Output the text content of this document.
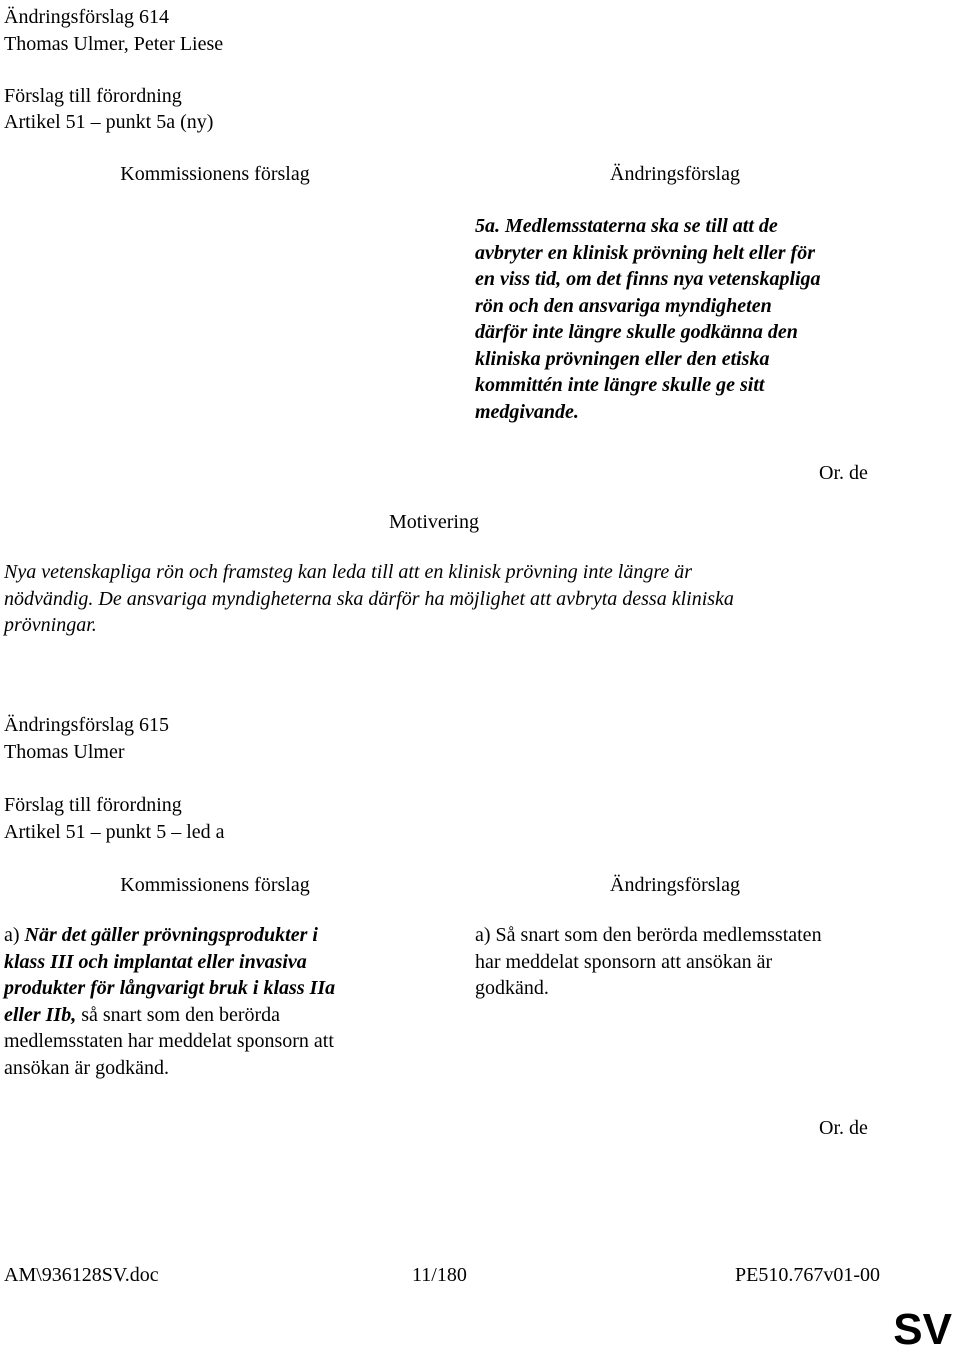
Ändringsförslag 614
Thomas Ulmer, Peter Liese
Förslag till förordning
Artikel 51 – punkt 5a (ny)
Kommissionens förslag	Ändringsförslag
5a. Medlemsstaterna ska se till att de
avbryter en klinisk prövning helt eller för
en viss tid, om det finns nya vetenskapliga
rön och den ansvariga myndigheten
därför inte längre skulle godkänna den
kliniska prövningen eller den etiska
kommittén inte längre skulle ge sitt
medgivande.
Or. de
Motivering
Nya vetenskapliga rön och framsteg kan leda till att en klinisk prövning inte längre är
nödvändig. De ansvariga myndigheterna ska därför ha möjlighet att avbryta dessa kliniska
prövningar.
Ändringsförslag 615
Thomas Ulmer
Förslag till förordning
Artikel 51 – punkt 5 – led a
Kommissionens förslag	Ändringsförslag
a) När det gäller prövningsprodukter i
klass III och implantat eller invasiva
produkter för långvarigt bruk i klass IIa
eller IIb, så snart som den berörda
medlemsstaten har meddelat sponsorn att
ansökan är godkänd.
a) Så snart som den berörda medlemsstaten
har meddelat sponsorn att ansökan är
godkänd.
Or. de
AM\936128SV.doc	11/180	PE510.767v01-00
SV
